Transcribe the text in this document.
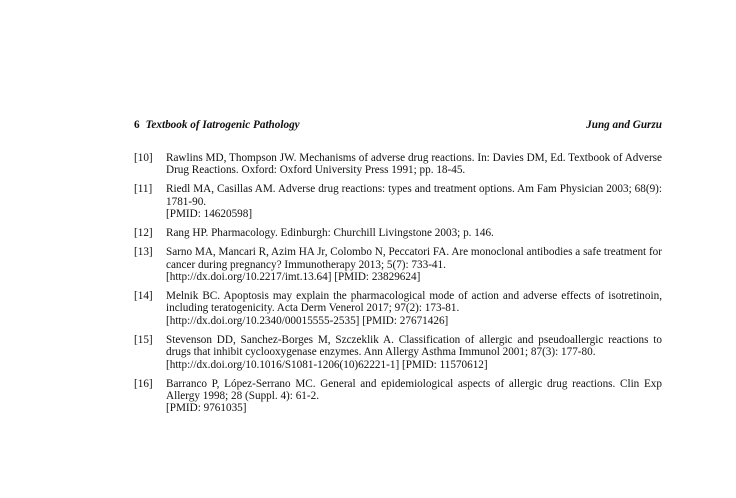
6 Textbook of Iatrogenic Pathology	Jung and Gurzu
[10] Rawlins MD, Thompson JW. Mechanisms of adverse drug reactions. In: Davies DM, Ed. Textbook of Adverse Drug Reactions. Oxford: Oxford University Press 1991; pp. 18-45.
[11] Riedl MA, Casillas AM. Adverse drug reactions: types and treatment options. Am Fam Physician 2003; 68(9): 1781-90.
[PMID: 14620598]
[12] Rang HP. Pharmacology. Edinburgh: Churchill Livingstone 2003; p. 146.
[13] Sarno MA, Mancari R, Azim HA Jr, Colombo N, Peccatori FA. Are monoclonal antibodies a safe treatment for cancer during pregnancy? Immunotherapy 2013; 5(7): 733-41.
[http://dx.doi.org/10.2217/imt.13.64] [PMID: 23829624]
[14] Melnik BC. Apoptosis may explain the pharmacological mode of action and adverse effects of isotretinoin, including teratogenicity. Acta Derm Venerol 2017; 97(2): 173-81.
[http://dx.doi.org/10.2340/00015555-2535] [PMID: 27671426]
[15] Stevenson DD, Sanchez-Borges M, Szczeklik A. Classification of allergic and pseudoallergic reactions to drugs that inhibit cyclooxygenase enzymes. Ann Allergy Asthma Immunol 2001; 87(3): 177-80.
[http://dx.doi.org/10.1016/S1081-1206(10)62221-1] [PMID: 11570612]
[16] Barranco P, López-Serrano MC. General and epidemiological aspects of allergic drug reactions. Clin Exp Allergy 1998; 28 (Suppl. 4): 61-2.
[PMID: 9761035]
